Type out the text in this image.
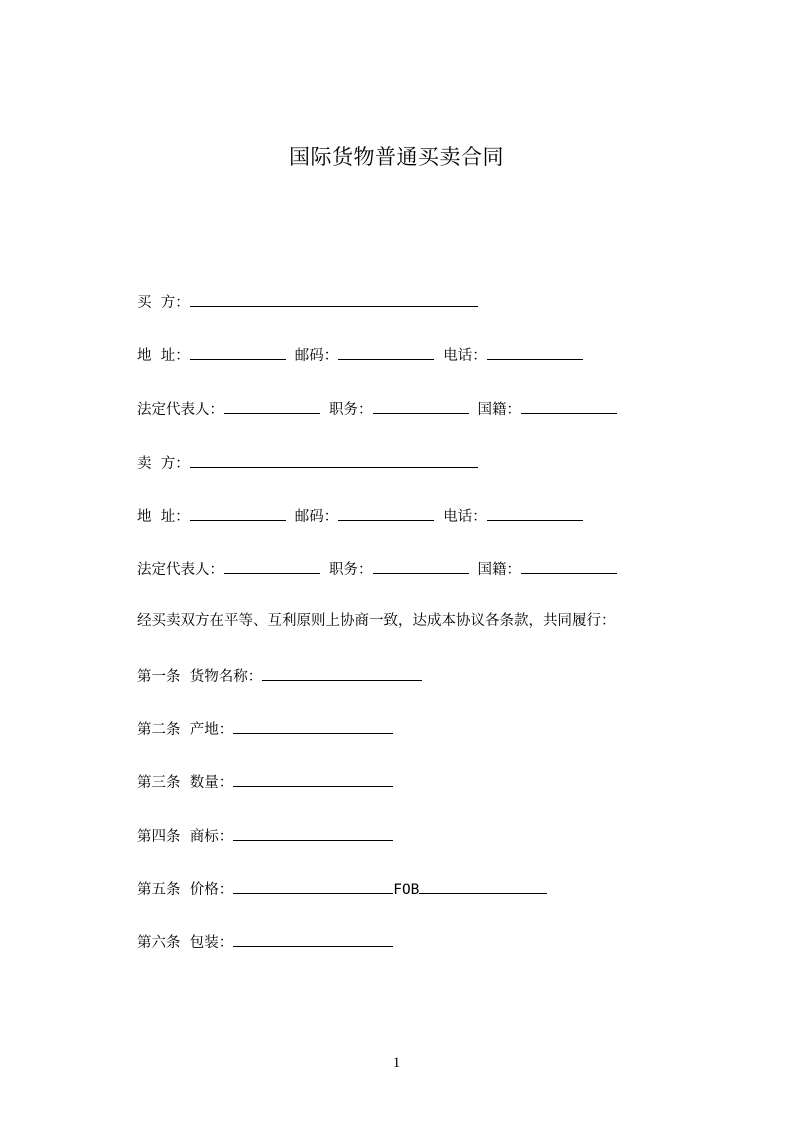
国际货物普通买卖合同
买  方：
地  址：	邮码：	电话：
法定代表人：	职务：	国籍：
卖  方：
地  址：	邮码：	电话：
法定代表人：	职务：	国籍：
经买卖双方在平等、互利原则上协商一致，达成本协议各条款，共同履行：
第一条  货物名称：
第二条  产地：
第三条  数量：
第四条  商标：
第五条  价格：	FOB
第六条  包装：
1
